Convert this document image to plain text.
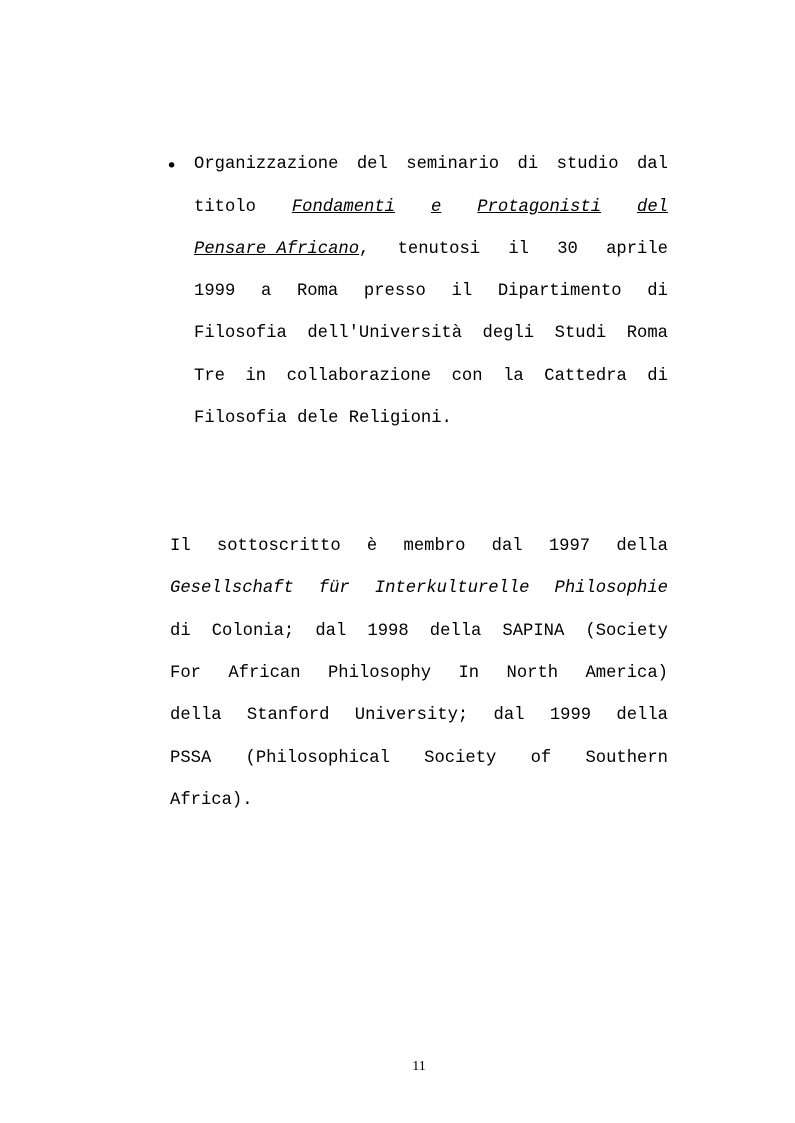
• Organizzazione del seminario di studio dal
titolo Fondamenti e Protagonisti del
Pensare Africano, tenutosi il 30 aprile
1999 a Roma presso il Dipartimento di
Filosofia dell'Università degli Studi Roma
Tre in collaborazione con la Cattedra di
Filosofia dele Religioni.
Il sottoscritto è membro dal 1997 della
Gesellschaft für Interkulturelle Philosophie
di Colonia; dal 1998 della SAPINA (Society
For African Philosophy In North America)
della Stanford University; dal 1999 della
PSSA (Philosophical Society of Southern
Africa).
11
